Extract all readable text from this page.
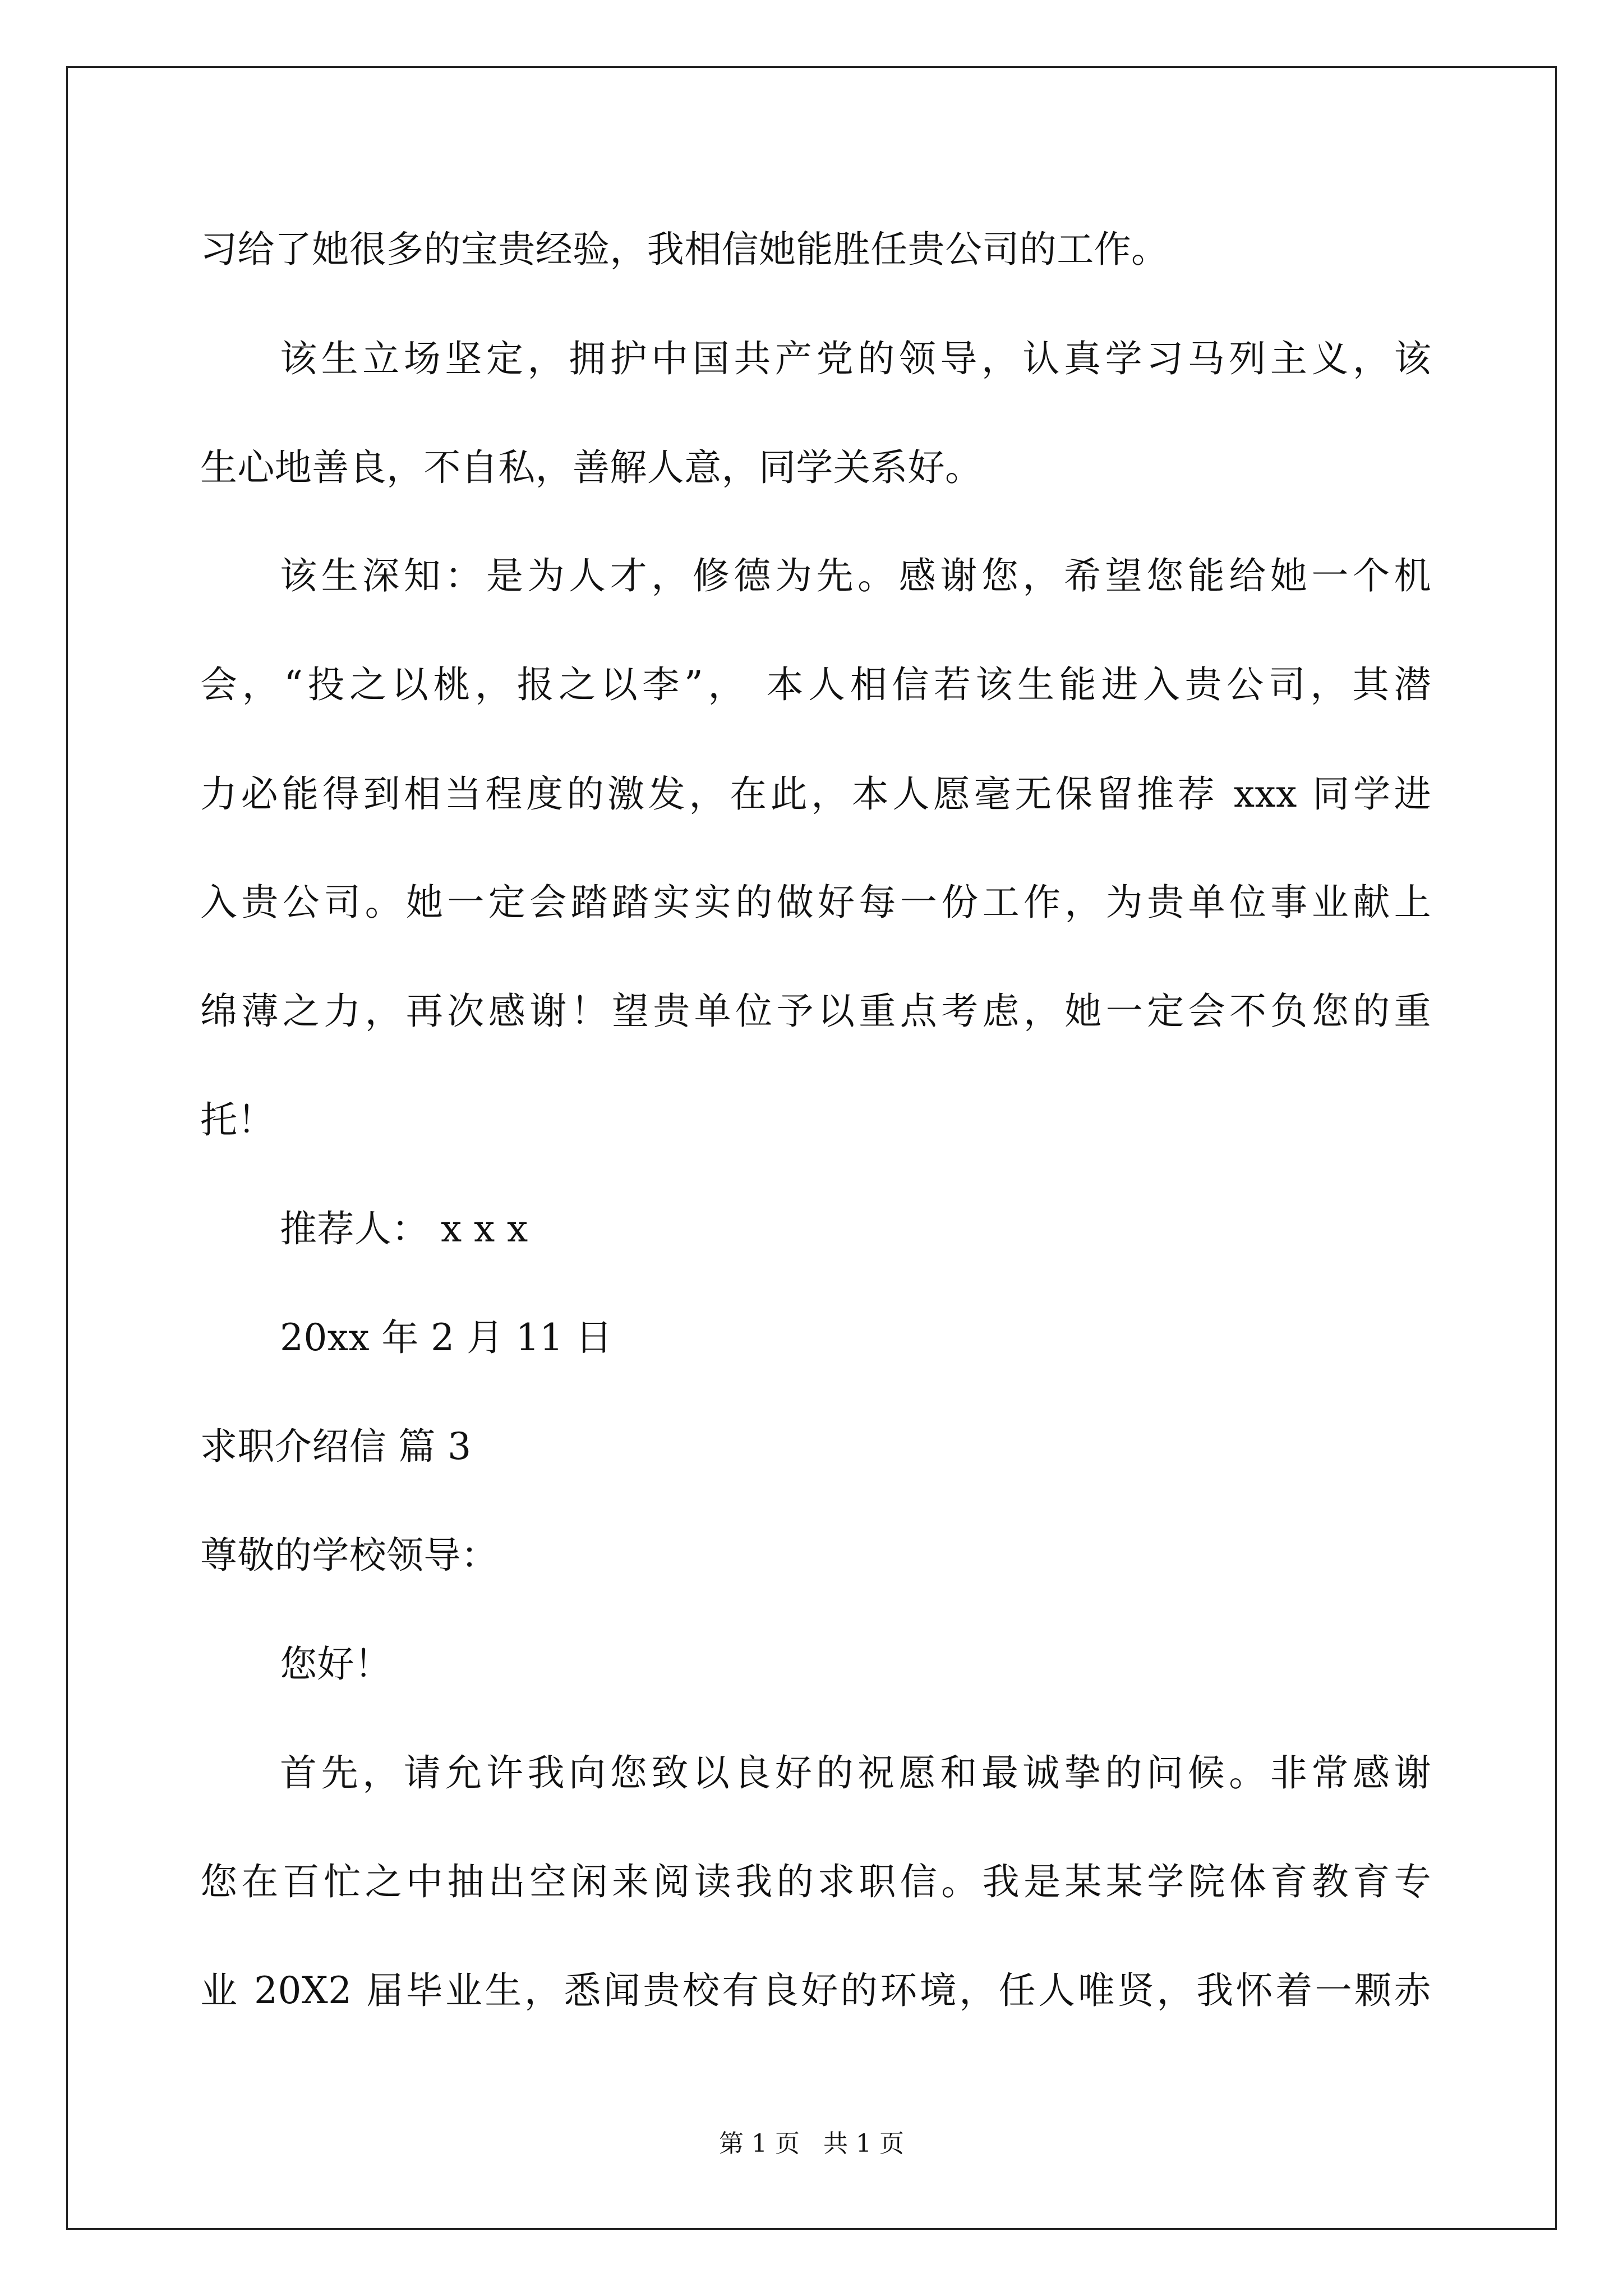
习给了她很多的宝贵经验，我相信她能胜任贵公司的工作。
该生立场坚定，拥护中国共产党的领导，认真学习马列主义，该
生心地善良，不自私，善解人意，同学关系好。
该生深知：是为人才，修德为先。感谢您，希望您能给她一个机
会，“投之以桃，报之以李”， 本人相信若该生能进入贵公司，其潜
力必能得到相当程度的激发，在此，本人愿毫无保留推荐 xxx 同学进
入贵公司。她一定会踏踏实实的做好每一份工作，为贵单位事业献上
绵薄之力，再次感谢！望贵单位予以重点考虑，她一定会不负您的重
托！
推荐人： x x x
20xx 年 2 月 11 日
求职介绍信 篇 3
尊敬的学校领导：
您好！
首先，请允许我向您致以良好的祝愿和最诚挚的问候。非常感谢
您在百忙之中抽出空闲来阅读我的求职信。我是某某学院体育教育专
业 20X2 届毕业生，悉闻贵校有良好的环境，任人唯贤，我怀着一颗赤
第 1 页   共 1 页
